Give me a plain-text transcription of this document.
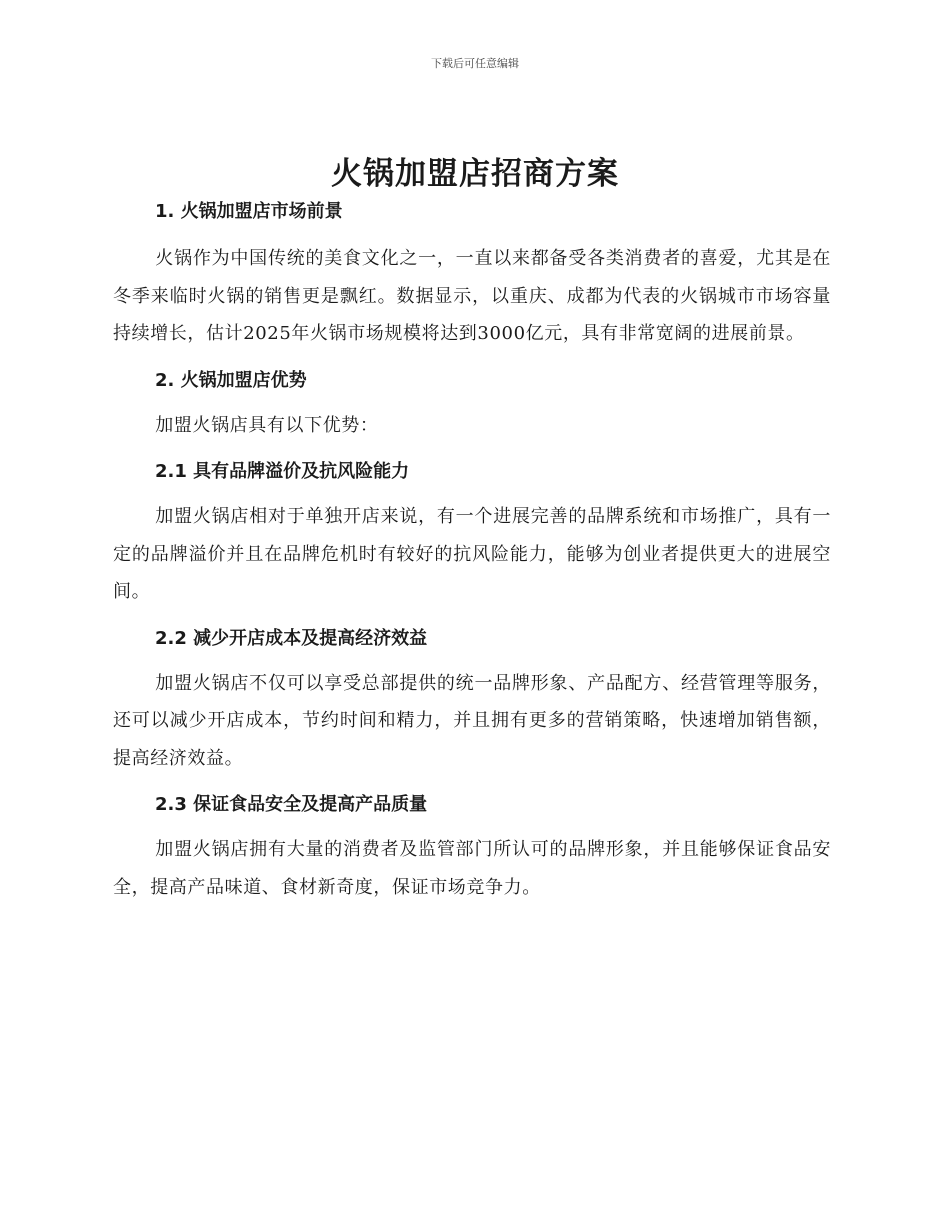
下载后可任意编辑
火锅加盟店招商方案
1. 火锅加盟店市场前景

火锅作为中国传统的美食文化之一，一直以来都备受各类消费者的喜爱，尤其是在冬季来临时火锅的销售更是飘红。数据显示，以重庆、成都为代表的火锅城市市场容量持续增长，估计2025年火锅市场规模将达到3000亿元，具有非常宽阔的进展前景。

2. 火锅加盟店优势

加盟火锅店具有以下优势：

2.1 具有品牌溢价及抗风险能力

加盟火锅店相对于单独开店来说，有一个进展完善的品牌系统和市场推广，具有一定的品牌溢价并且在品牌危机时有较好的抗风险能力，能够为创业者提供更大的进展空间。

2.2 减少开店成本及提高经济效益

加盟火锅店不仅可以享受总部提供的统一品牌形象、产品配方、经营管理等服务，还可以减少开店成本，节约时间和精力，并且拥有更多的营销策略，快速增加销售额，提高经济效益。

2.3 保证食品安全及提高产品质量

加盟火锅店拥有大量的消费者及监管部门所认可的品牌形象，并且能够保证食品安全，提高产品味道、食材新奇度，保证市场竞争力。
